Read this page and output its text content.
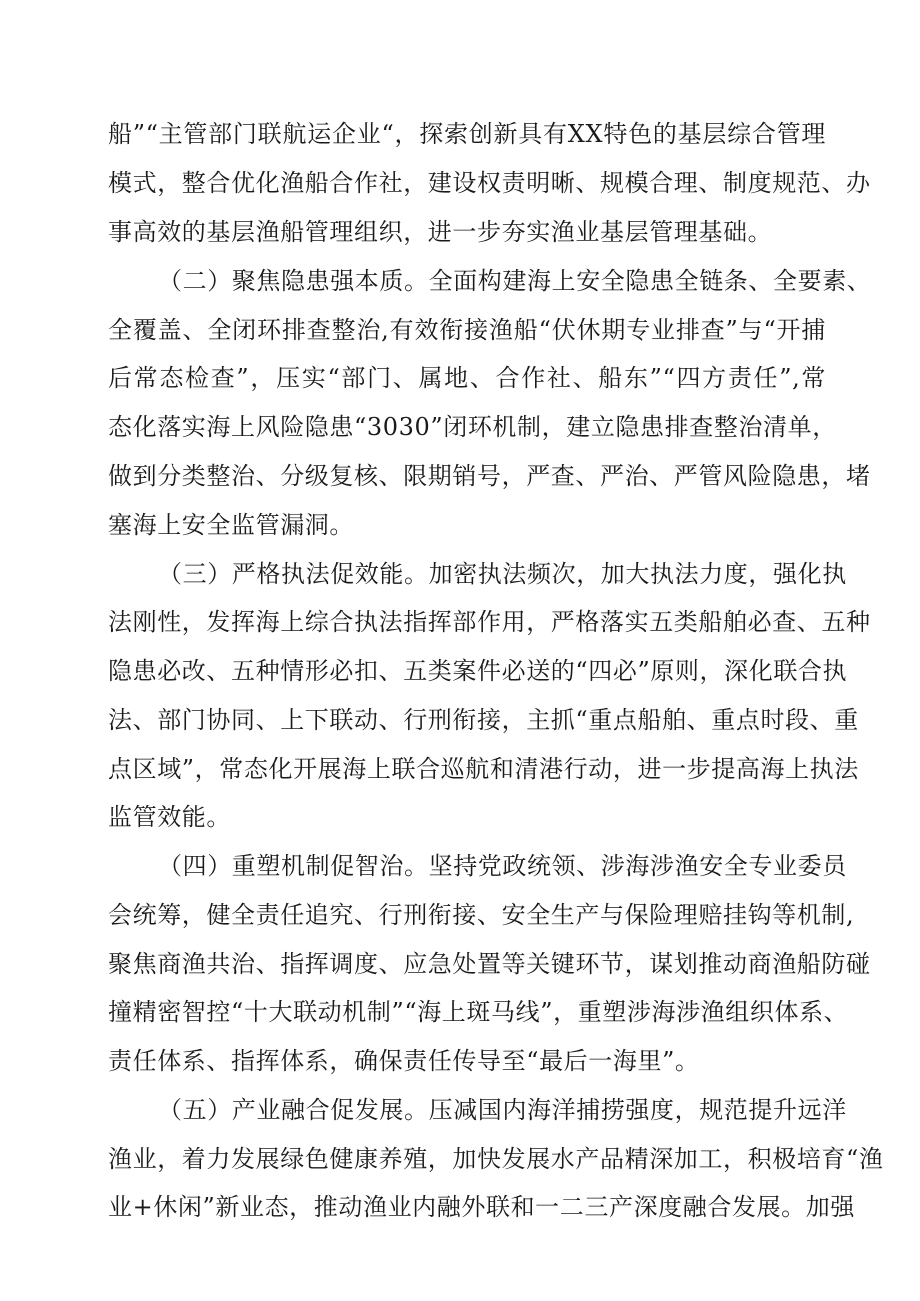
船”“主管部门联航运企业“，探索创新具有XX特色的基层综合管理
模式，整合优化渔船合作社，建设权责明晰、规模合理、制度规范、办
事高效的基层渔船管理组织，进一步夯实渔业基层管理基础。
（二）聚焦隐患强本质。全面构建海上安全隐患全链条、全要素、
全覆盖、全闭环排查整治,有效衔接渔船“伏休期专业排查”与“开捕
后常态检查”，压实“部门、属地、合作社、船东”“四方责任”,常
态化落实海上风险隐患“3030”闭环机制，建立隐患排查整治清单，
做到分类整治、分级复核、限期销号，严查、严治、严管风险隐患，堵
塞海上安全监管漏洞。
（三）严格执法促效能。加密执法频次，加大执法力度，强化执
法刚性，发挥海上综合执法指挥部作用，严格落实五类船舶必查、五种
隐患必改、五种情形必扣、五类案件必送的“四必”原则，深化联合执
法、部门协同、上下联动、行刑衔接，主抓“重点船舶、重点时段、重
点区域”，常态化开展海上联合巡航和清港行动，进一步提高海上执法
监管效能。
（四）重塑机制促智治。坚持党政统领、涉海涉渔安全专业委员
会统筹，健全责任追究、行刑衔接、安全生产与保险理赔挂钩等机制,
聚焦商渔共治、指挥调度、应急处置等关键环节，谋划推动商渔船防碰
撞精密智控“十大联动机制”“海上斑马线”，重塑涉海涉渔组织体系、
责任体系、指挥体系，确保责任传导至“最后一海里”。
（五）产业融合促发展。压减国内海洋捕捞强度，规范提升远洋
渔业，着力发展绿色健康养殖，加快发展水产品精深加工，积极培育“渔
业+休闲”新业态，推动渔业内融外联和一二三产深度融合发展。加强
